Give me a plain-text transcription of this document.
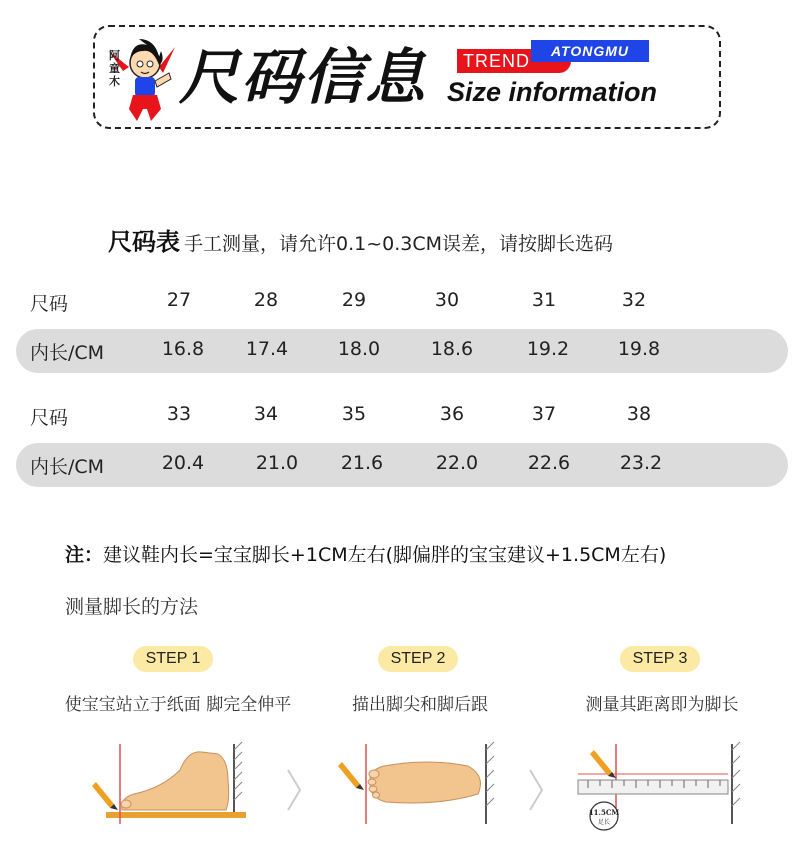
阿童木 尺码信息	TREND	ATONGMU
Size information
尺码表 手工测量，请允许0.1~0.3CM误差，请按脚长选码
尺码	27	28	29	30	31	32
内长/CM	16.8	17.4	18.0	18.6	19.2	19.8
尺码	33	34	35	36	37	38
内长/CM	20.4	21.0	21.6	22.0	22.6	23.2
注：建议鞋内长=宝宝脚长+1CM左右(脚偏胖的宝宝建议+1.5CM左右)
测量脚长的方法
STEP 1	STEP 2	STEP 3
使宝宝站立于纸面 脚完全伸平	描出脚尖和脚后跟	测量其距离即为脚长
11.5CM
足长
